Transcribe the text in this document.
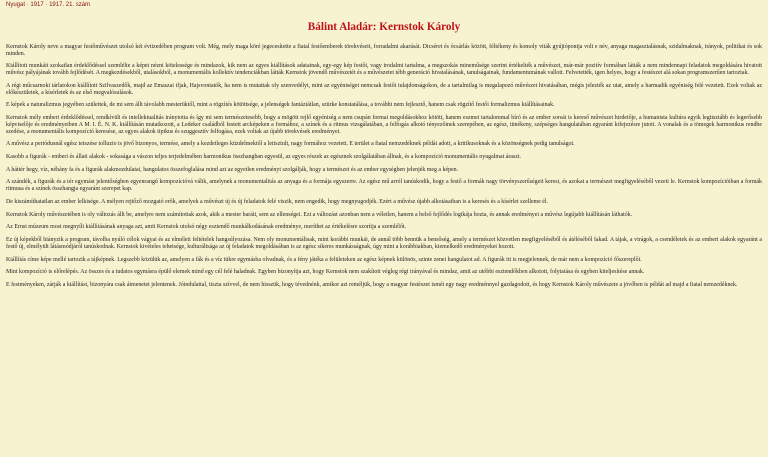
Nyugat · 1917 · 1917. 21. szám
Bálint Aladár: Kernstok Károly

Kernstok Károly neve a magyar festőművészet utolsó két évtizedében program volt. Még, mely maga köré jegecesítette a fiatal festőemberek törekvéseit, forradalmi akarását. Dicséret és ócsárlás között, féltékeny és komoly viták gyújtópontja volt e név, anyaga magasztalásnak, szidalmaknak, irányok, politikai és sok minden.

Kiállított munkáit szokatlan érdeklődéssel szemlélte a képet nézni kötelessége és mindazok, kik nem az egyes kiállítások adatainak, egy-egy kép festői, vagy irodalmi tartalma, a megszokás mineműsége szerint értékelték a művészet, már-már pozitív formában látták a nem mindennapi feladatok megoldására hivatott művész pályájának tovább fejlődését. A megkezdésekből, utalásokból, a monumentális kollektív tendenciákban látták Kernstok jövendő művészetét és a művészetet tébb generáció hivatalásának, tanulságainak, fundamentumának vallott. Felvetették, igen helyes, hogy a festészet alá sokan programszerűen tartoztak.

A régi műcsarnoki tárlatokon kiállított Szilvaszedők, majd az Emaszai ifjak, Hajsvontatók, ha nem is mutattak oly szenvedélyt, mint az egyéniséget nemcsak festői tulajdonságokon, de a tartalmilag is megalapozó művészet hivatásában, mégis jelezték az utat, amely a harmadik egyéniség felé vezetett. Ezek voltak az előkészületek, a kísérletek és az első megvalósulások.

E képek a naturalizmus jegyében születtek, de mi sem állt távolabb mesterüktől, mint a rögzítés kötöttsége, a jelenségek fantáziátlan, szürke konstatálása, a további nem fejlesztő, hanem csak rögzítő festői formalizmus kiállításainak.

Kernstok mély emberi érdeklődéssel, rendkívüli és intellektualitás iránytotta és így mi sem természetesebb, hogy a mögött rejlő egyéniség a nem csupán formai megoldásokhoz kötött, hanem eszmei tartalommal bíró és az ember sorsát is kereső művészet hirdetője, a humanista kultúra egyik legtisztább és legerősebb képviselője és eredményeiben A M. I. É. N. K. kiállításán mutatkozott, a Ledeker családból festett arcképeken a formához, a színek és a ritmus vizsgálatában, a felfogás alkotó tényezőinek szerepében, az egész, tünékeny, szépséges hangulatában egyaránt kifejezésre jutott. A vonalak és a tömegek harmonikus rendbe szedése, a monumentális kompozíció keresése, az egyes alakok tipikus és szuggesztív felfogása, ezek voltak az újabb törekvések eredményei.

A művész a periódusnál egész tetszése tolluzio is jövő bizonyos, termése, amely a kezdetleges küzdelmektől a letisztult, nagy formához vezetett. E terület a fiatal nemzedéknek példát adott, a kritikusoknak és a közönségnek pedig tanulságot.

Kasobb a figurák - emberi és állati alakok - sokasága a vászon teljes terjedelmében harmonikus összhangban egyesül, az egyes részek az egésznek szolgálatában állnak, és a kompozíció monumentális nyugalmat áraszt.

A háttér hegy, víz, néhány fa és a figurák alakmozdulatai, hangulatos összefoglalása mind azt az egyetlen eredményt szolgálják, hogy a természet és az ember egységben jelenjék meg a képen.

A szándék, a figurák és a tér egymást jelentőségben egyenrangú kompozícióvá válik, amelynek a monumentalitás az anyaga és a formája egyszerre. Az egész mű arról tanúskodik, hogy a festő a formák nagy törvényszerűségeit keresi, és azokat a természet megfigyeléséből vezeti le. Kernstok kompozícióiban a formák ritmusa és a színek összhangja egyaránt szerepet kap.

De kiszámíthatatlan az ember lelkisége. A mélyen rejtőző mozgató erők, amelyek a művészt új és új feladatok felé viszik, nem engedik, hogy megnyugodjék. Ezért a művész újabb alkotásaiban is a keresés és a kísérlet szelleme él.

Kernstok Károly művészetében is oly változás állt be, amelyre nem számítottak azok, akik a mester baráti, sem az ellenségei. Ezt a változást azonban nem a véletlen, hanem a belső fejlődés logikája hozta, és annak eredményei a művész legújabb kiállításán láthatók.

Az Ernst múzeum most megnyílt kiállításának anyaga azt, amit Kernstok utolsó négy esztendő munkálkodásának eredménye, meríthet az értékelésre szorítja a szemlélőt.

Ez új képekből hiányzik a program, távolba nyúló célok vágyai és az elméleti feltételek hangsúlyozása. Nem oly monumentálisak, mint korábbi munkái, de annál több bennük a bensőség, amely a természet közvetlen megfigyeléséből és átéléséből fakad. A tájak, a virágok, a csendéletek és az emberi alakok egyaránt a festő új, elmélyült látásmódjáról tanúskodnak. Kernstok kivételes tehetsége, kulturáltsága az új feladatok megoldásában is az egész sikeres munkásságnak, úgy mint a korábbiakban, kiemelkedő eredményeket hozott.

Kiállítás címe képe mellé tartozik a tájképnek. Legszebb közülük az, amelyen a fák és a víz tükre egymásba olvadnak, és a fény játéka a felületeken az egész képnek különös, szinte zenei hangulatot ad. A figurák itt is megjelennek, de már nem a kompozíció főszereplői.

Mint kompozíció is előrelépés. Az összes és a tudatos egymásra épülő elemek mind egy cél felé haladnak. Egyben bizonyítja azt, hogy Kernstok nem szakított végleg régi irányával és mindaz, amit az utóbbi esztendőkben alkotott, folytatása és egyben kiteljesítése annak.

E festményeken, zárják a kiállítást, bizonyára csak átmenetet jelentenek. Jóindulattal, tiszta szívvel, de nem hisszük, hogy tévednénk, amikor azt reméljük, hogy a magyar festészet ismét egy nagy eredménnyel gazdagodott, és hogy Kernstok Károly művészete a jövőben is példát ad majd a fiatal nemzedéknek.
